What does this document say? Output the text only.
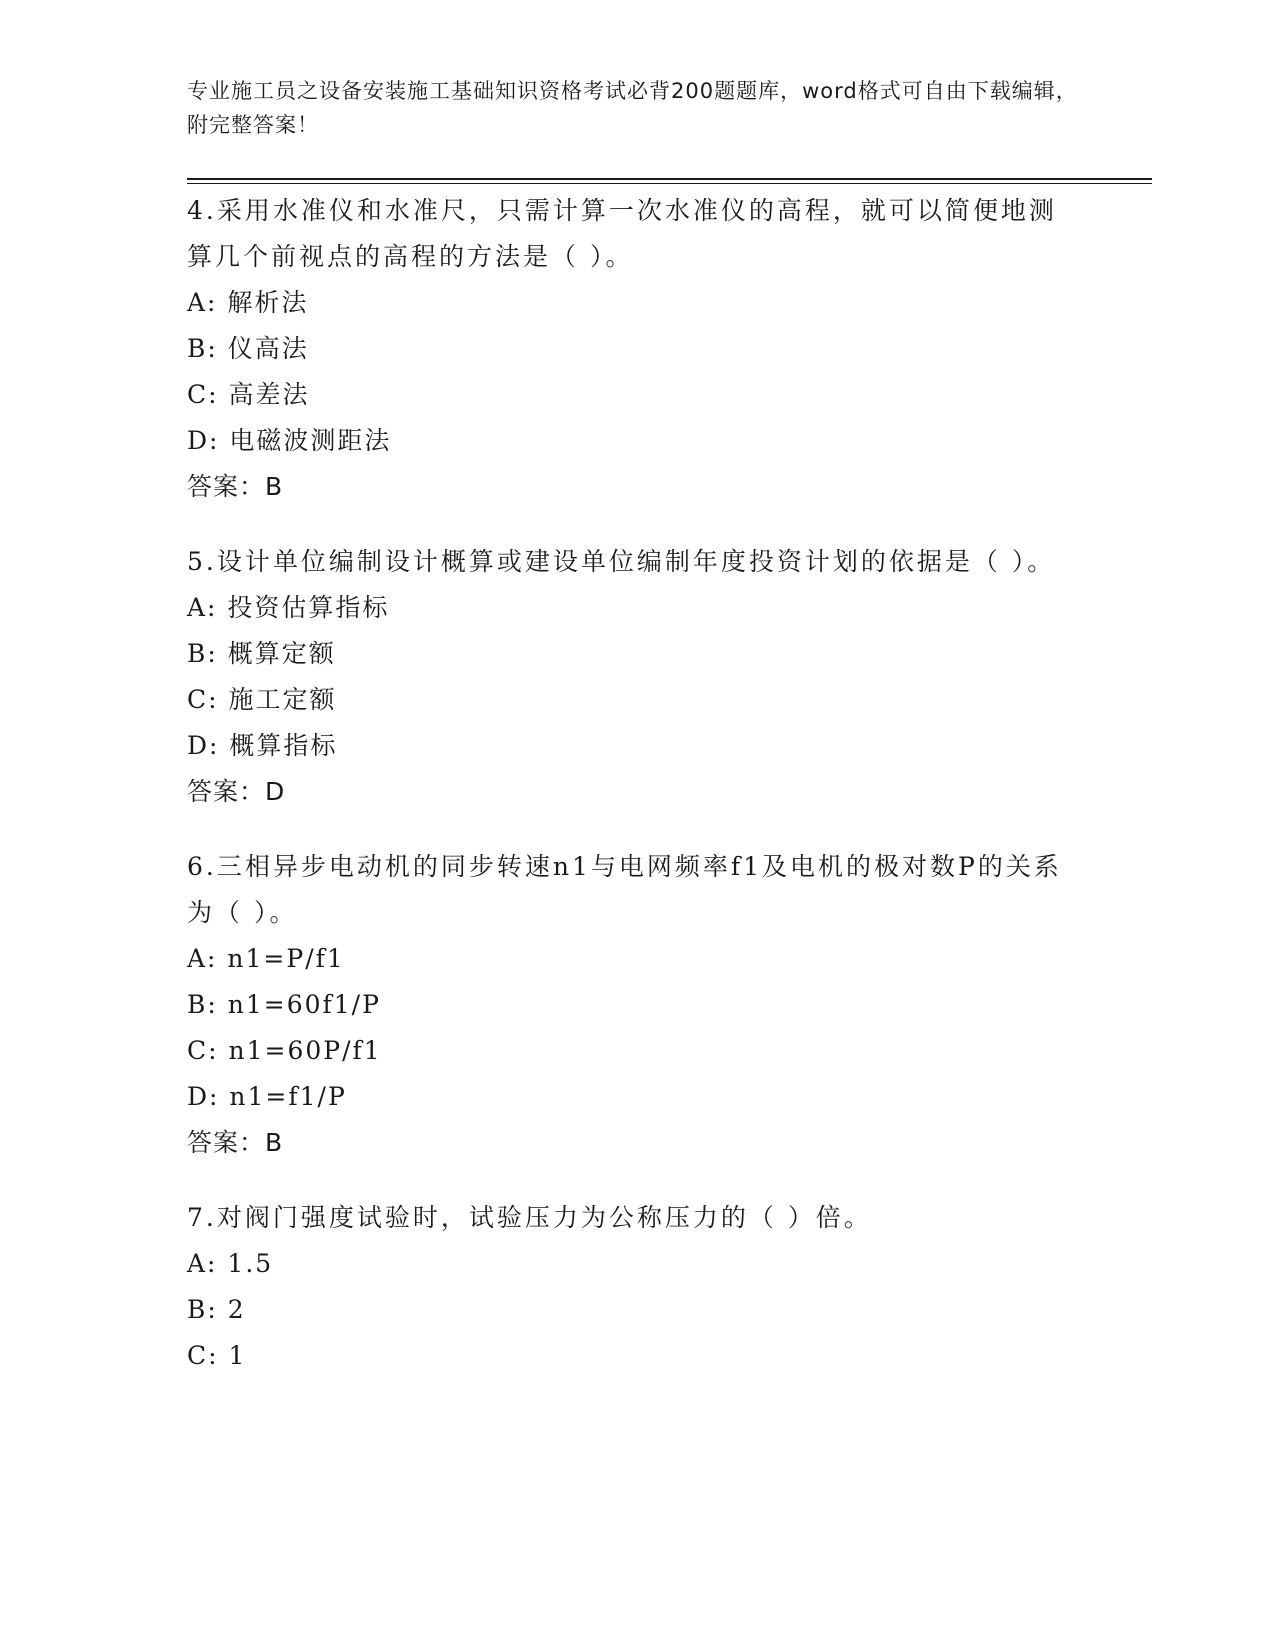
专业施工员之设备安装施工基础知识资格考试必背200题题库，word格式可自由下载编辑，附完整答案！

4.采用水准仪和水准尺，只需计算一次水准仪的高程，就可以简便地测算几个前视点的高程的方法是（ ）。

A: 解析法
B: 仪高法
C: 高差法
D: 电磁波测距法
答案：B

5.设计单位编制设计概算或建设单位编制年度投资计划的依据是（ ）。

A: 投资估算指标
B: 概算定额
C: 施工定额
D: 概算指标
答案：D

6.三相异步电动机的同步转速n1与电网频率f1及电机的极对数P的关系为（ ）。

A: n1=P/f1
B: n1=60f1/P
C: n1=60P/f1
D: n1=f1/P
答案：B

7.对阀门强度试验时，试验压力为公称压力的（ ）倍。

A: 1.5
B: 2
C: 1
